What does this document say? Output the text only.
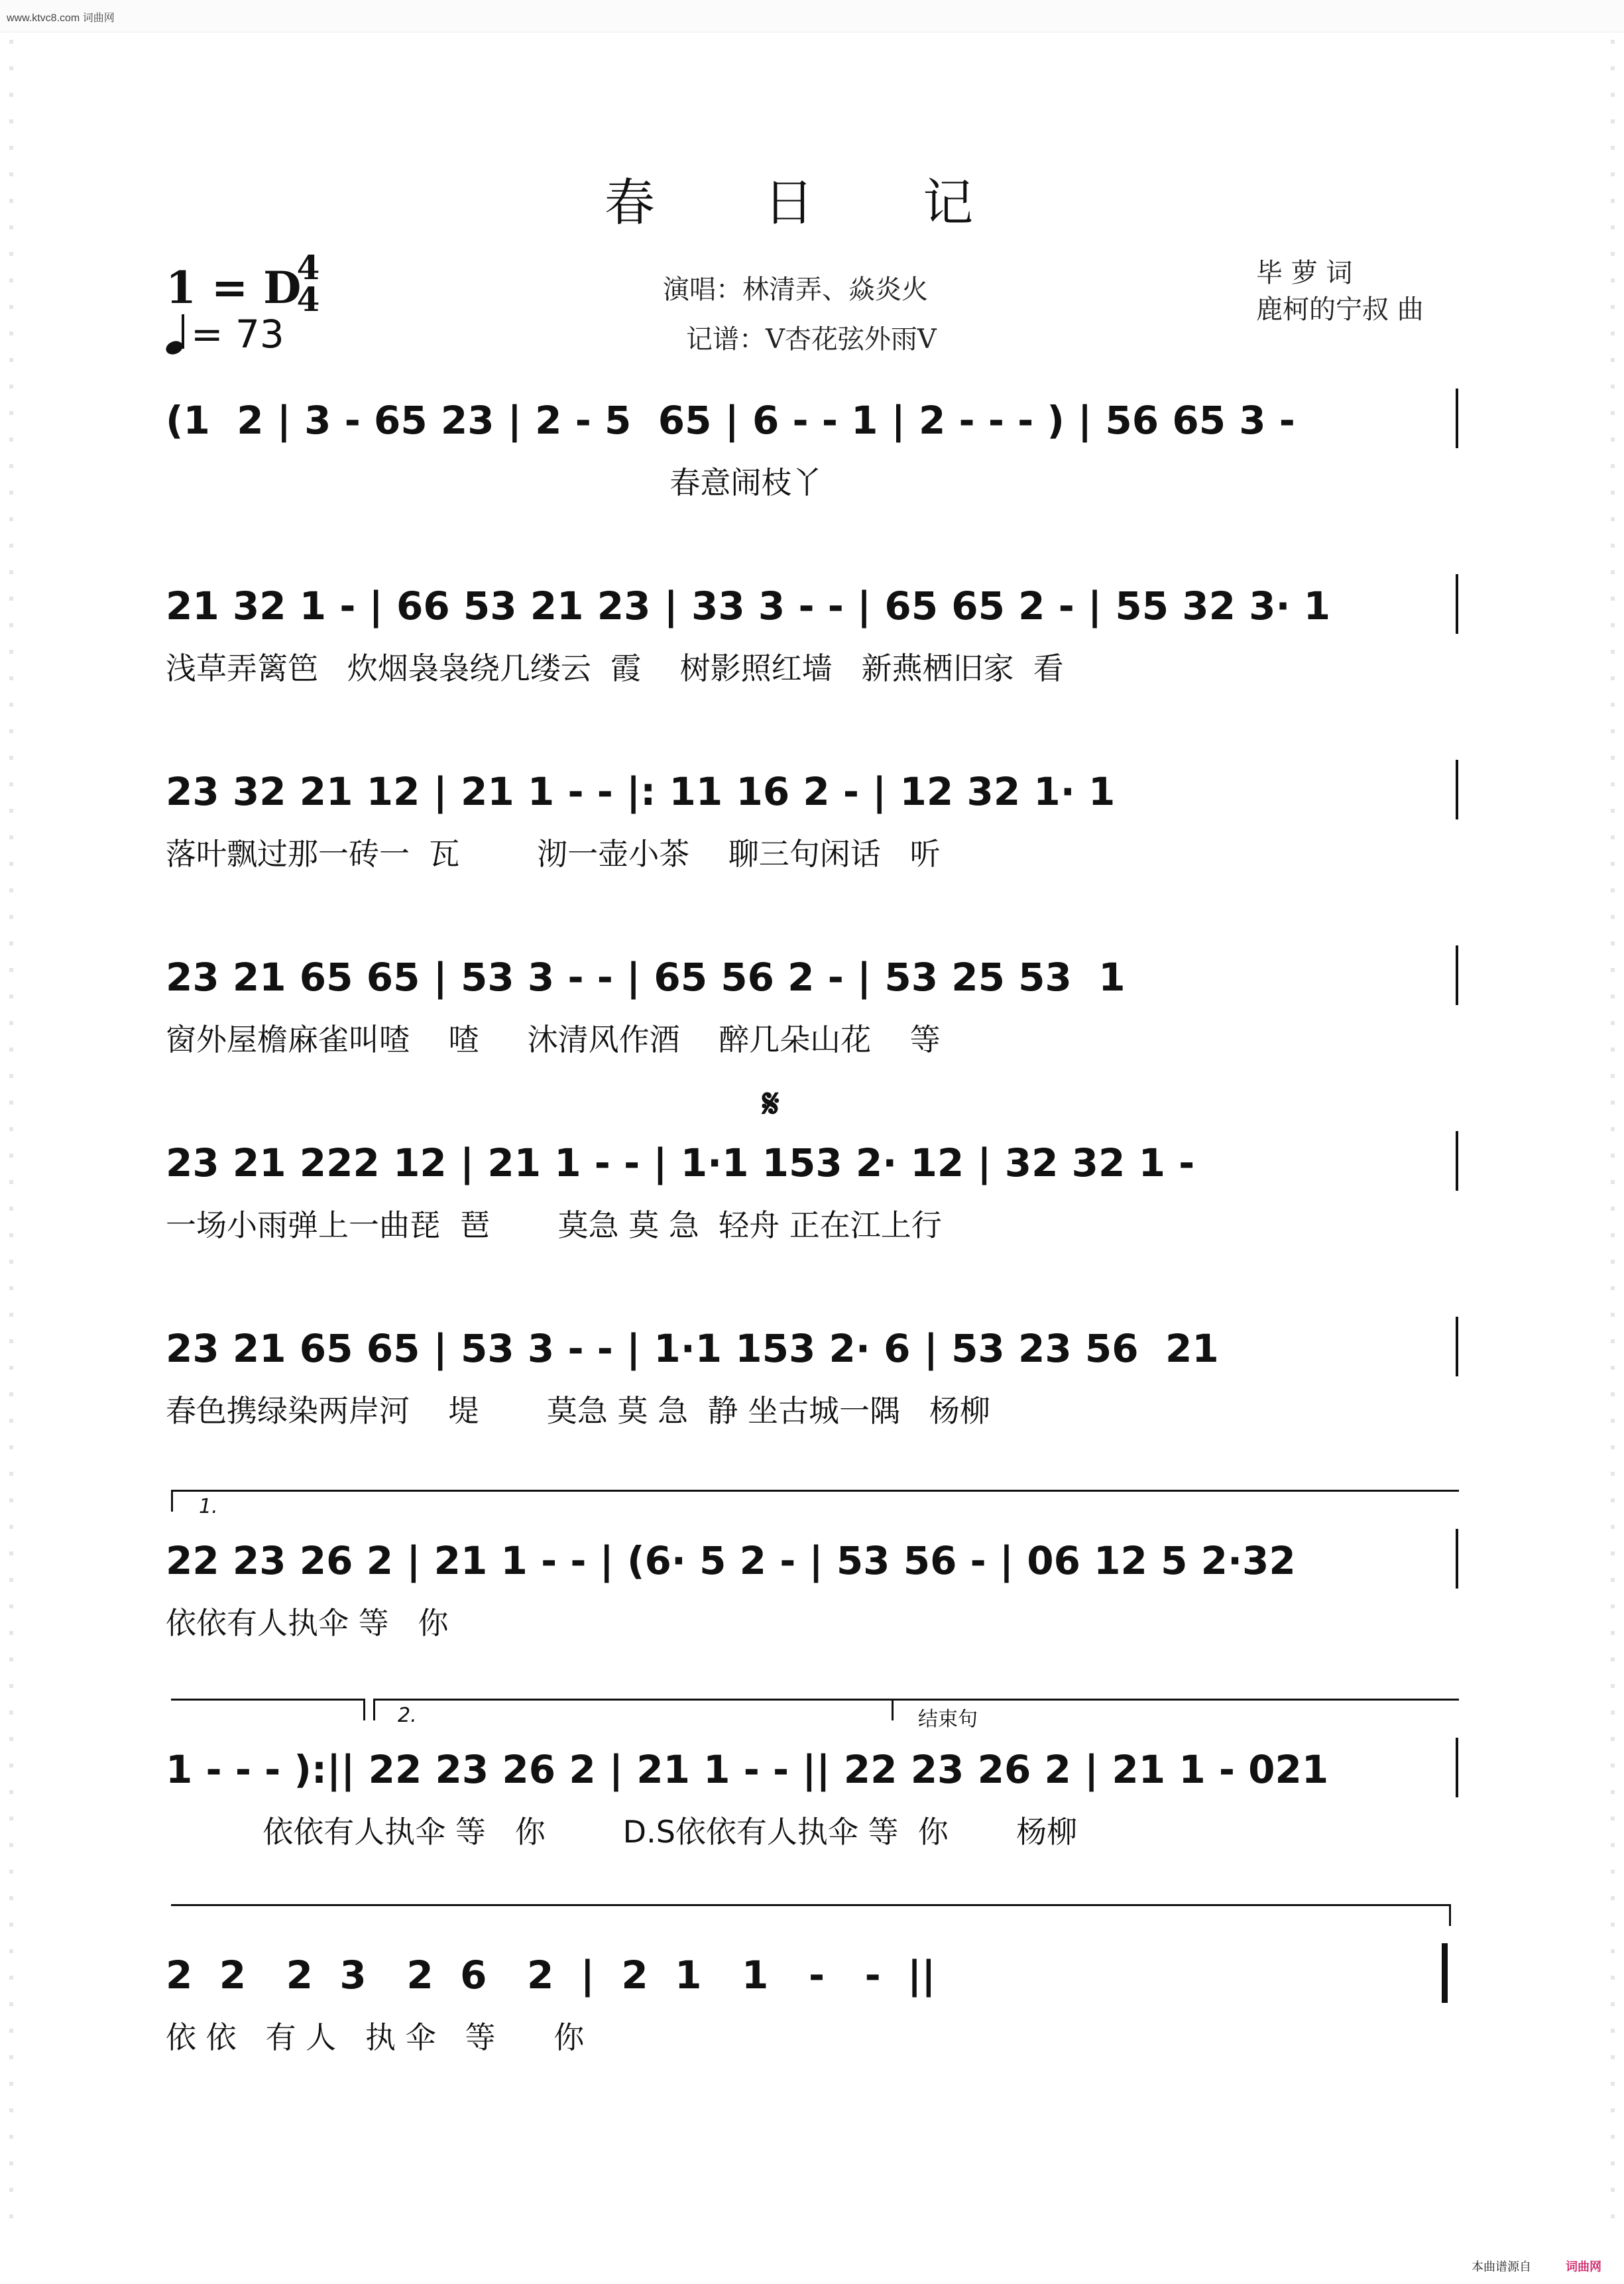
www.ktvc8.com 词曲网
春 日 记
1 = D
4
4
= 73
演唱：林清弄、焱炎火
记谱：V杏花弦外雨V
毕 萝 词
鹿柯的宁叔 曲
(1  2 | 3 - 65 23 | 2 - 5  65 | 6 - - 1 | 2 - - - ) | 56 65 3 -
春意闹枝丫
21 32 1 - | 66 53 21 23 | 33 3 - - | 65 65 2 - | 55 32 3· 1
浅草弄篱笆   炊烟袅袅绕几缕云  霞    树影照红墙   新燕栖旧家  看
23 32 21 12 | 21 1 - - |: 11 16 2 - | 12 32 1· 1
落叶飘过那一砖一  瓦        沏一壶小茶    聊三句闲话   听
23 21 65 65 | 53 3 - - | 65 56 2 - | 53 25 53  1
窗外屋檐麻雀叫喳    喳     沐清风作酒    醉几朵山花    等
𝄋
23 21 222 12 | 21 1 - - | 1·1 153 2· 12 | 32 32 1 -
一场小雨弹上一曲琵  琶       莫急 莫 急  轻舟 正在江上行
23 21 65 65 | 53 3 - - | 1·1 153 2· 6 | 53 23 56  21
春色携绿染两岸河    堤       莫急 莫 急  静 坐古城一隅   杨柳
1.
22 23 26 2 | 21 1 - - | (6· 5 2 - | 53 56 - | 06 12 5 2·32
依依有人执伞 等   你
2.	结束句
1 - - - ):|| 22 23 26 2 | 21 1 - - || 22 23 26 2 | 21 1 - 021
依依有人执伞 等   你        D.S依依有人执伞 等  你       杨柳
2  2   2  3   2  6   2  |  2  1   1   -   -  ||
依 依   有 人   执 伞   等      你
本曲谱源自	词曲网
